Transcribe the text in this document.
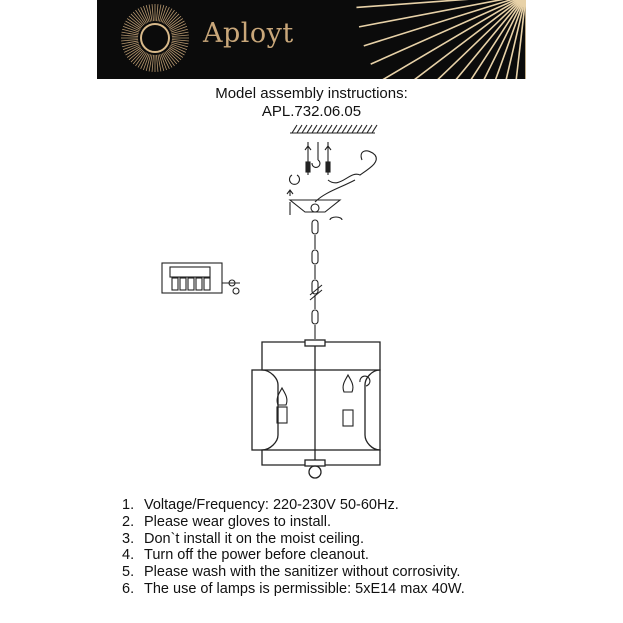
Aployt
Model assembly instructions:
APL.732.06.05
1. Voltage/Frequency: 220-230V 50-60Hz.
2. Please wear gloves to install.
3. Don`t install it on the moist ceiling.
4. Turn off the power before cleanout.
5. Please wash with the sanitizer without corrosivity.
6. The use of lamps is permissible: 5xE14 max 40W.
